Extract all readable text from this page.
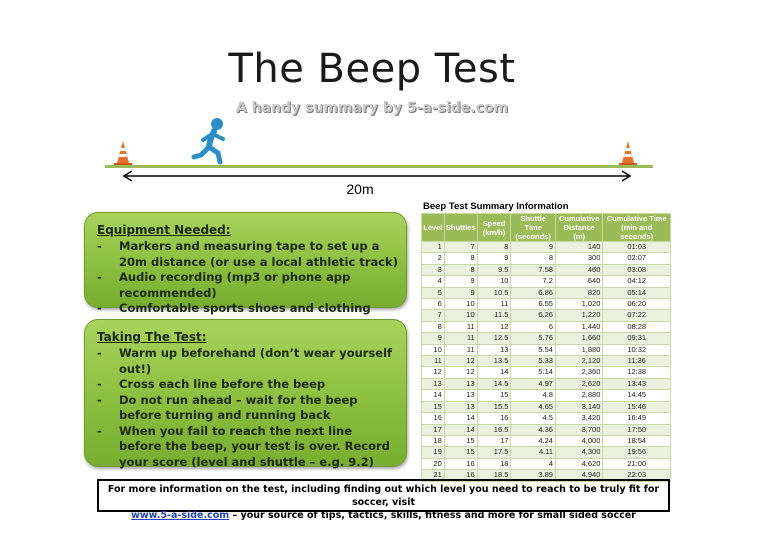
The Beep Test
A handy summary by 5-a-side.com
20m
Equipment Needed:
- Markers and measuring tape to set up a 20m distance (or use a local athletic track)
- Audio recording (mp3 or phone app recommended)
- Comfortable sports shoes and clothing
Taking The Test:
- Warm up beforehand (don’t wear yourself out!)
- Cross each line before the beep
- Do not run ahead – wait for the beep before turning and running back
- When you fail to reach the next line before the beep, your test is over. Record your score (level and shuttle – e.g. 9.2)
Beep Test Summary Information
Level	Shuttles	Speed (km/h)	Shuttle Time (seconds)	Cumulative Distance (m)	Cumulative Time (min and seconds)
1	7	8	9	140	01:03
2	8	9	8	300	02:07
3	8	9.5	7.58	460	03:08
4	9	10	7.2	640	04:12
5	9	10.5	6.86	820	05:14
6	10	11	6.55	1,020	06:20
7	10	11.5	6.26	1,220	07:22
8	11	12	6	1,440	08:28
9	11	12.5	5.76	1,660	09:31
10	11	13	5.54	1,880	10:32
11	12	13.5	5.33	2,120	11:36
12	12	14	5.14	2,360	12:38
13	13	14.5	4.97	2,620	13:43
14	13	15	4.8	2,880	14:45
15	13	15.5	4.65	3,140	15:46
16	14	16	4.5	3,420	16:49
17	14	16.5	4.36	3,700	17:50
18	15	17	4.24	4,000	18:54
19	15	17.5	4.11	4,300	19:56
20	16	18	4	4,620	21:00
21	16	18.5	3.89	4,940	22:03
For more information on the test, including finding out which level you need to reach to be truly fit for soccer, visit
www.5-a-side.com – your source of tips, tactics, skills, fitness and more for small sided soccer
